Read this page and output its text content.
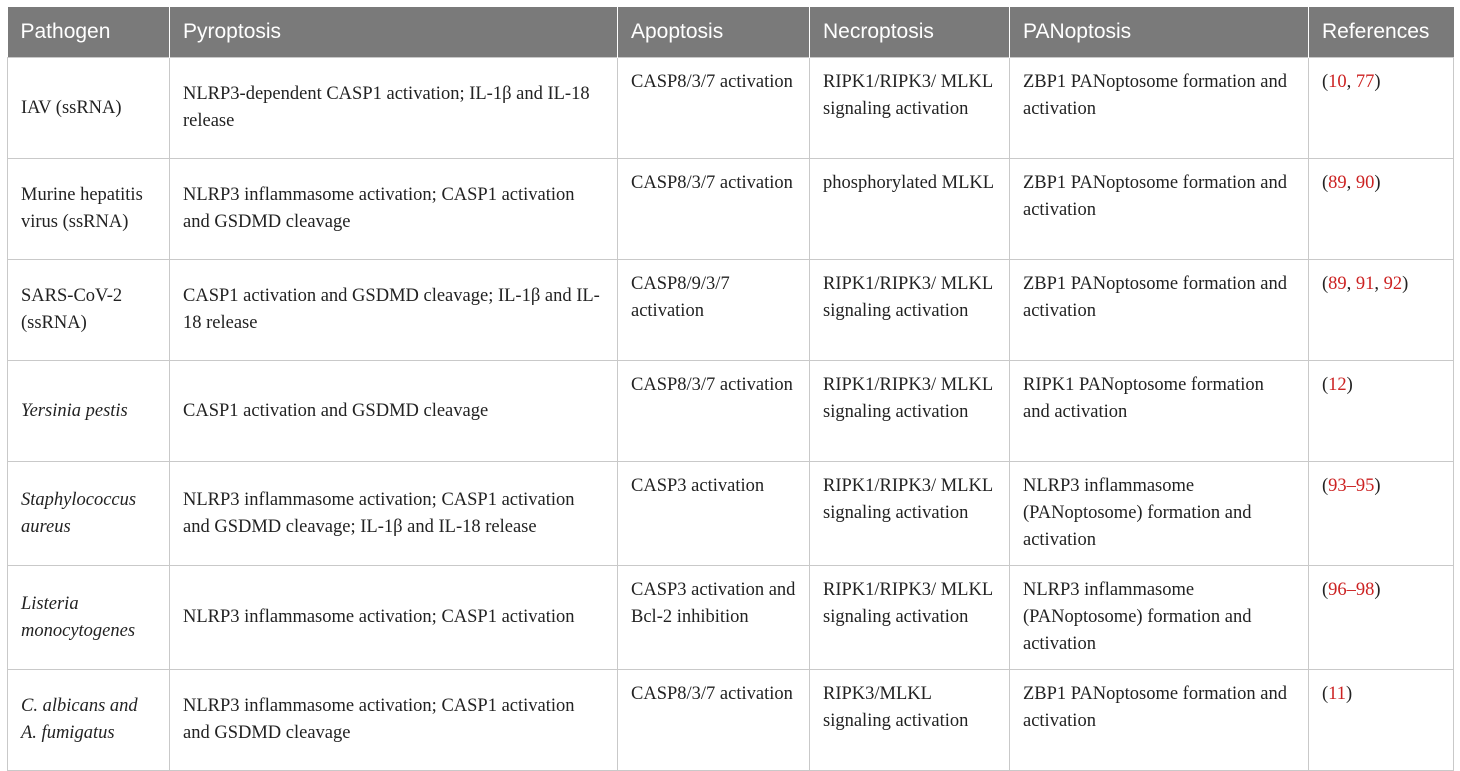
Pathogen	Pyroptosis	Apoptosis	Necroptosis	PANoptosis	References
IAV (ssRNA)	NLRP3-dependent CASP1 activation; IL-1β and IL-18 release	CASP8/3/7 activation	RIPK1/RIPK3/ MLKL signaling activation	ZBP1 PANoptosome formation and activation	(10, 77)
Murine hepatitis virus (ssRNA)	NLRP3 inflammasome activation; CASP1 activation and GSDMD cleavage	CASP8/3/7 activation	phosphorylated MLKL	ZBP1 PANoptosome formation and activation	(89, 90)
SARS-CoV-2 (ssRNA)	CASP1 activation and GSDMD cleavage; IL-1β and IL-18 release	CASP8/9/3/7 activation	RIPK1/RIPK3/ MLKL signaling activation	ZBP1 PANoptosome formation and activation	(89, 91, 92)
Yersinia pestis	CASP1 activation and GSDMD cleavage	CASP8/3/7 activation	RIPK1/RIPK3/ MLKL signaling activation	RIPK1 PANoptosome formation and activation	(12)
Staphylococcus aureus	NLRP3 inflammasome activation; CASP1 activation and GSDMD cleavage; IL-1β and IL-18 release	CASP3 activation	RIPK1/RIPK3/ MLKL signaling activation	NLRP3 inflammasome (PANoptosome) formation and activation	(93–95)
Listeria monocytogenes	NLRP3 inflammasome activation; CASP1 activation	CASP3 activation and Bcl-2 inhibition	RIPK1/RIPK3/ MLKL signaling activation	NLRP3 inflammasome (PANoptosome) formation and activation	(96–98)
C. albicans and A. fumigatus	NLRP3 inflammasome activation; CASP1 activation and GSDMD cleavage	CASP8/3/7 activation	RIPK3/MLKL signaling activation	ZBP1 PANoptosome formation and activation	(11)
